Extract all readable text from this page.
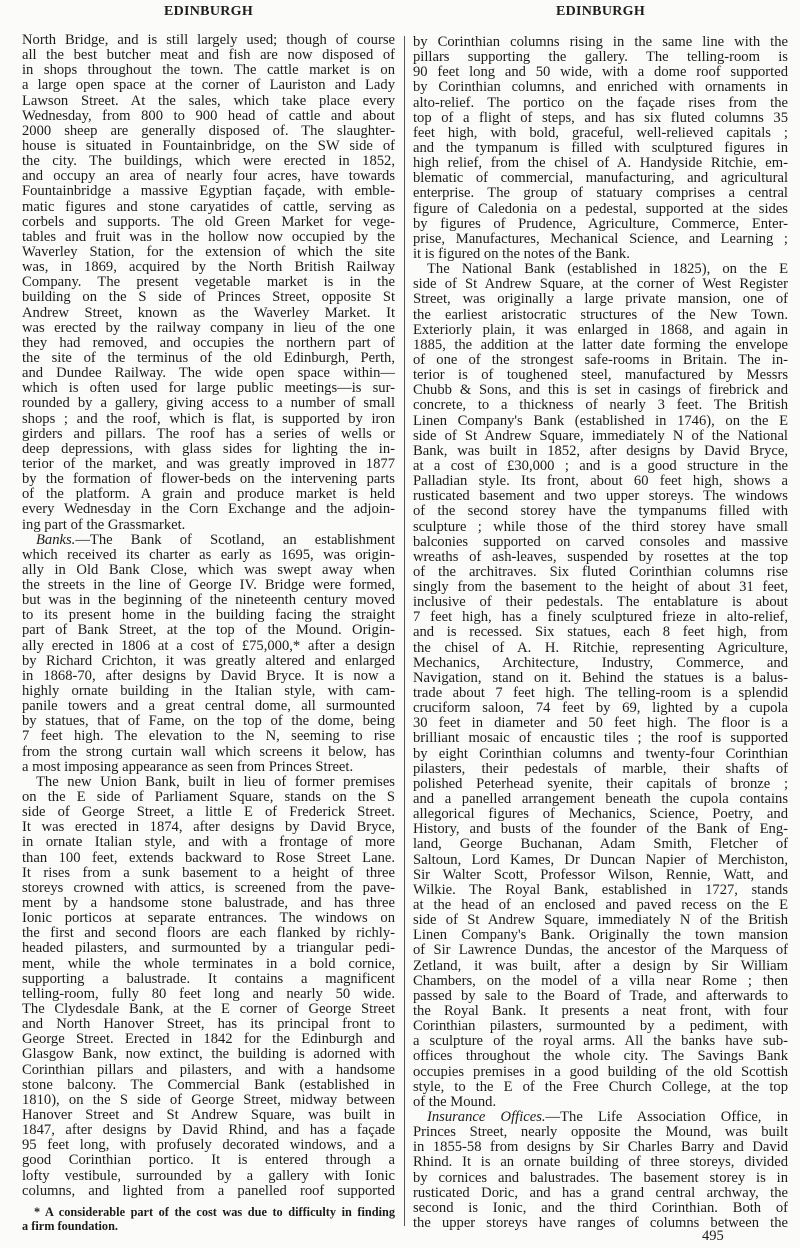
EDINBURGH	EDINBURGH
North Bridge, and is still largely used; though of course
all the best butcher meat and fish are now disposed of
in shops throughout the town. The cattle market is on
a large open space at the corner of Lauriston and Lady
Lawson Street. At the sales, which take place every
Wednesday, from 800 to 900 head of cattle and about
2000 sheep are generally disposed of. The slaughter-
house is situated in Fountainbridge, on the SW side of
the city. The buildings, which were erected in 1852,
and occupy an area of nearly four acres, have towards
Fountainbridge a massive Egyptian façade, with emble-
matic figures and stone caryatides of cattle, serving as
corbels and supports. The old Green Market for vege-
tables and fruit was in the hollow now occupied by the
Waverley Station, for the extension of which the site
was, in 1869, acquired by the North British Railway
Company. The present vegetable market is in the
building on the S side of Princes Street, opposite St
Andrew Street, known as the Waverley Market. It
was erected by the railway company in lieu of the one
they had removed, and occupies the northern part of
the site of the terminus of the old Edinburgh, Perth,
and Dundee Railway. The wide open space within—
which is often used for large public meetings—is sur-
rounded by a gallery, giving access to a number of small
shops ; and the roof, which is flat, is supported by iron
girders and pillars. The roof has a series of wells or
deep depressions, with glass sides for lighting the in-
terior of the market, and was greatly improved in 1877
by the formation of flower-beds on the intervening parts
of the platform. A grain and produce market is held
every Wednesday in the Corn Exchange and the adjoin-
ing part of the Grassmarket.
Banks.—The Bank of Scotland, an establishment
which received its charter as early as 1695, was origin-
ally in Old Bank Close, which was swept away when
the streets in the line of George IV. Bridge were formed,
but was in the beginning of the nineteenth century moved
to its present home in the building facing the straight
part of Bank Street, at the top of the Mound. Origin-
ally erected in 1806 at a cost of £75,000,* after a design
by Richard Crichton, it was greatly altered and enlarged
in 1868-70, after designs by David Bryce. It is now a
highly ornate building in the Italian style, with cam-
panile towers and a great central dome, all surmounted
by statues, that of Fame, on the top of the dome, being
7 feet high. The elevation to the N, seeming to rise
from the strong curtain wall which screens it below, has
a most imposing appearance as seen from Princes Street.
The new Union Bank, built in lieu of former premises
on the E side of Parliament Square, stands on the S
side of George Street, a little E of Frederick Street.
It was erected in 1874, after designs by David Bryce,
in ornate Italian style, and with a frontage of more
than 100 feet, extends backward to Rose Street Lane.
It rises from a sunk basement to a height of three
storeys crowned with attics, is screened from the pave-
ment by a handsome stone balustrade, and has three
Ionic porticos at separate entrances. The windows on
the first and second floors are each flanked by richly-
headed pilasters, and surmounted by a triangular pedi-
ment, while the whole terminates in a bold cornice,
supporting a balustrade. It contains a magnificent
telling-room, fully 80 feet long and nearly 50 wide.
The Clydesdale Bank, at the E corner of George Street
and North Hanover Street, has its principal front to
George Street. Erected in 1842 for the Edinburgh and
Glasgow Bank, now extinct, the building is adorned with
Corinthian pillars and pilasters, and with a handsome
stone balcony. The Commercial Bank (established in
1810), on the S side of George Street, midway between
Hanover Street and St Andrew Square, was built in
1847, after designs by David Rhind, and has a façade
95 feet long, with profusely decorated windows, and a
good Corinthian portico. It is entered through a
lofty vestibule, surrounded by a gallery with Ionic
columns, and lighted from a panelled roof supported
by Corinthian columns rising in the same line with the
pillars supporting the gallery. The telling-room is
90 feet long and 50 wide, with a dome roof supported
by Corinthian columns, and enriched with ornaments in
alto-relief. The portico on the façade rises from the
top of a flight of steps, and has six fluted columns 35
feet high, with bold, graceful, well-relieved capitals ;
and the tympanum is filled with sculptured figures in
high relief, from the chisel of A. Handyside Ritchie, em-
blematic of commercial, manufacturing, and agricultural
enterprise. The group of statuary comprises a central
figure of Caledonia on a pedestal, supported at the sides
by figures of Prudence, Agriculture, Commerce, Enter-
prise, Manufactures, Mechanical Science, and Learning ;
it is figured on the notes of the Bank.
The National Bank (established in 1825), on the E
side of St Andrew Square, at the corner of West Register
Street, was originally a large private mansion, one of
the earliest aristocratic structures of the New Town.
Exteriorly plain, it was enlarged in 1868, and again in
1885, the addition at the latter date forming the envelope
of one of the strongest safe-rooms in Britain. The in-
terior is of toughened steel, manufactured by Messrs
Chubb & Sons, and this is set in casings of firebrick and
concrete, to a thickness of nearly 3 feet. The British
Linen Company's Bank (established in 1746), on the E
side of St Andrew Square, immediately N of the National
Bank, was built in 1852, after designs by David Bryce,
at a cost of £30,000 ; and is a good structure in the
Palladian style. Its front, about 60 feet high, shows a
rusticated basement and two upper storeys. The windows
of the second storey have the tympanums filled with
sculpture ; while those of the third storey have small
balconies supported on carved consoles and massive
wreaths of ash-leaves, suspended by rosettes at the top
of the architraves. Six fluted Corinthian columns rise
singly from the basement to the height of about 31 feet,
inclusive of their pedestals. The entablature is about
7 feet high, has a finely sculptured frieze in alto-relief,
and is recessed. Six statues, each 8 feet high, from
the chisel of A. H. Ritchie, representing Agriculture,
Mechanics, Architecture, Industry, Commerce, and
Navigation, stand on it. Behind the statues is a balus-
trade about 7 feet high. The telling-room is a splendid
cruciform saloon, 74 feet by 69, lighted by a cupola
30 feet in diameter and 50 feet high. The floor is a
brilliant mosaic of encaustic tiles ; the roof is supported
by eight Corinthian columns and twenty-four Corinthian
pilasters, their pedestals of marble, their shafts of
polished Peterhead syenite, their capitals of bronze ;
and a panelled arrangement beneath the cupola contains
allegorical figures of Mechanics, Science, Poetry, and
History, and busts of the founder of the Bank of Eng-
land, George Buchanan, Adam Smith, Fletcher of
Saltoun, Lord Kames, Dr Duncan Napier of Merchiston,
Sir Walter Scott, Professor Wilson, Rennie, Watt, and
Wilkie. The Royal Bank, established in 1727, stands
at the head of an enclosed and paved recess on the E
side of St Andrew Square, immediately N of the British
Linen Company's Bank. Originally the town mansion
of Sir Lawrence Dundas, the ancestor of the Marquess of
Zetland, it was built, after a design by Sir William
Chambers, on the model of a villa near Rome ; then
passed by sale to the Board of Trade, and afterwards to
the Royal Bank. It presents a neat front, with four
Corinthian pilasters, surmounted by a pediment, with
a sculpture of the royal arms. All the banks have sub-
offices throughout the whole city. The Savings Bank
occupies premises in a good building of the old Scottish
style, to the E of the Free Church College, at the top
of the Mound.
Insurance Offices.—The Life Association Office, in
Princes Street, nearly opposite the Mound, was built
in 1855-58 from designs by Sir Charles Barry and David
Rhind. It is an ornate building of three storeys, divided
by cornices and balustrades. The basement storey is in
rusticated Doric, and has a grand central archway, the
second is Ionic, and the third Corinthian. Both of
the upper storeys have ranges of columns between the
* A considerable part of the cost was due to difficulty in finding
a firm foundation.
495
